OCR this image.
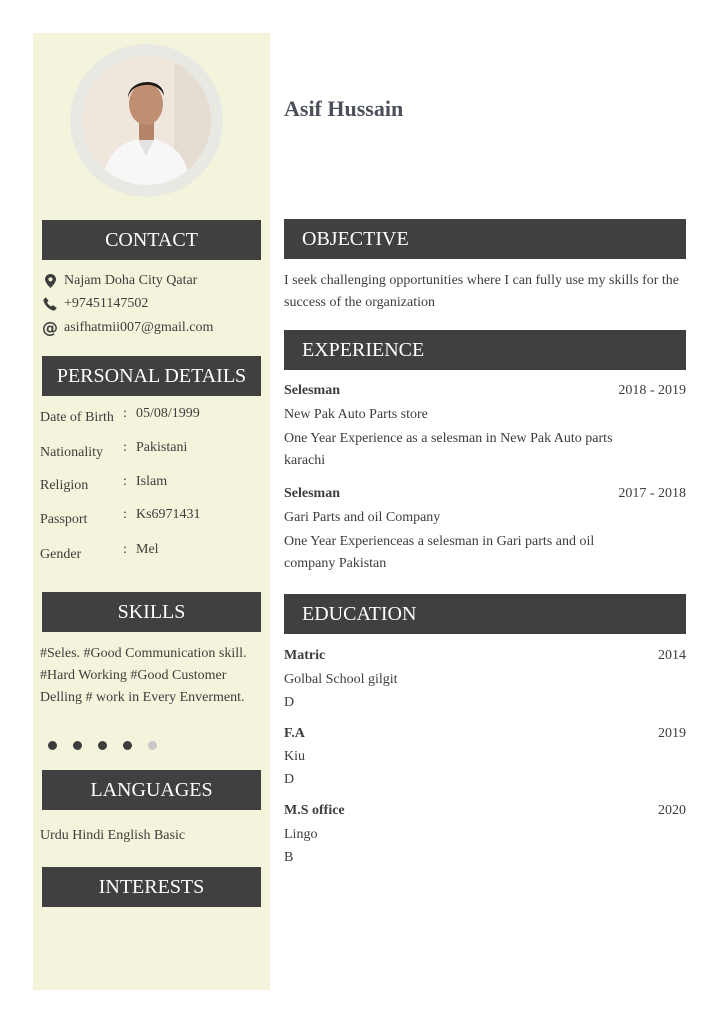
CONTACT
Najam Doha City Qatar
+97451147502
@ asifhatmii007@gmail.com
PERSONAL DETAILS
Date of Birth : 05/08/1999
Nationality : Pakistani
Religion : Islam
Passport	: Ks6971431
Gender	: Mel
SKILLS
#Seles. #Good Communication skill. #Hard Working #Good Customer Delling # work in Every Enverment.
LANGUAGES
Urdu Hindi English Basic
INTERESTS
Asif Hussain
OBJECTIVE
I seek challenging opportunities where I can fully use my skills for the success of the organization
EXPERIENCE
Selesman	2018 - 2019
New Pak Auto Parts store
One Year Experience as a selesman in New Pak Auto parts karachi
Selesman	2017 - 2018
Gari Parts and oil Company
One Year Experienceas a selesman in Gari parts and oil company Pakistan
EDUCATION
Matric	2014
Golbal School gilgit
D
F.A	2019
Kiu
D
M.S office	2020
Lingo
B
